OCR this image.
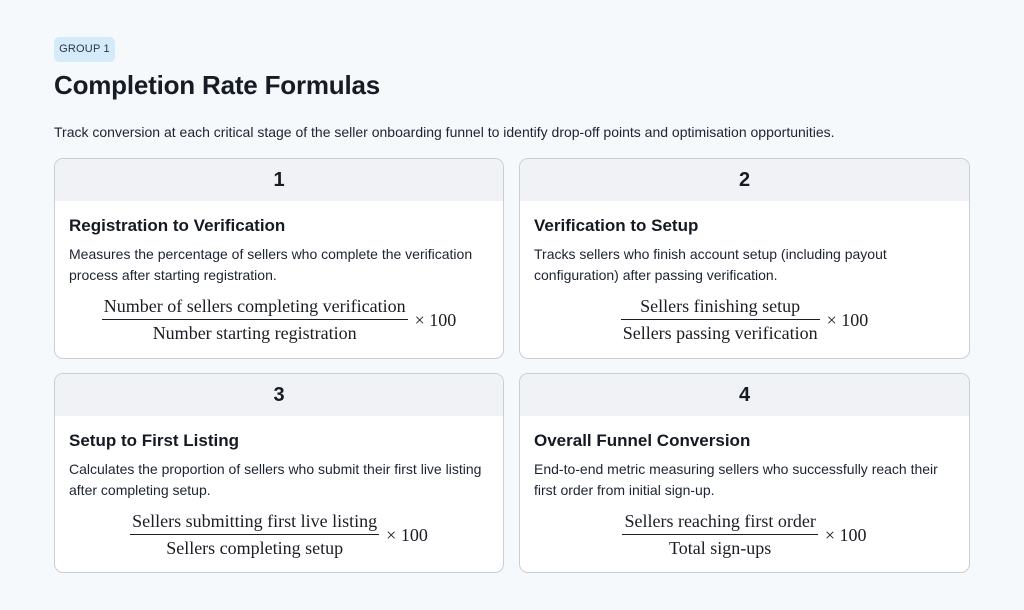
GROUP 1
Completion Rate Formulas

Track conversion at each critical stage of the seller onboarding funnel to identify drop-off points and optimisation opportunities.

1
Registration to Verification

Measures the percentage of sellers who complete the verification process after starting registration.

$\frac{\text{Number of sellers completing verification}}{\text{Number starting registration}} \times 100$
2
Verification to Setup

Tracks sellers who finish account setup (including payout configuration) after passing verification.

$\frac{\text{Sellers finishing setup}}{\text{Sellers passing verification}} \times 100$
3
Setup to First Listing

Calculates the proportion of sellers who submit their first live listing after completing setup.

$\frac{\text{Sellers submitting first live listing}}{\text{Sellers completing setup}} \times 100$
4
Overall Funnel Conversion

End-to-end metric measuring sellers who successfully reach their first order from initial sign-up.

$\frac{\text{Sellers reaching first order}}{\text{Total sign-ups}} \times 100$
